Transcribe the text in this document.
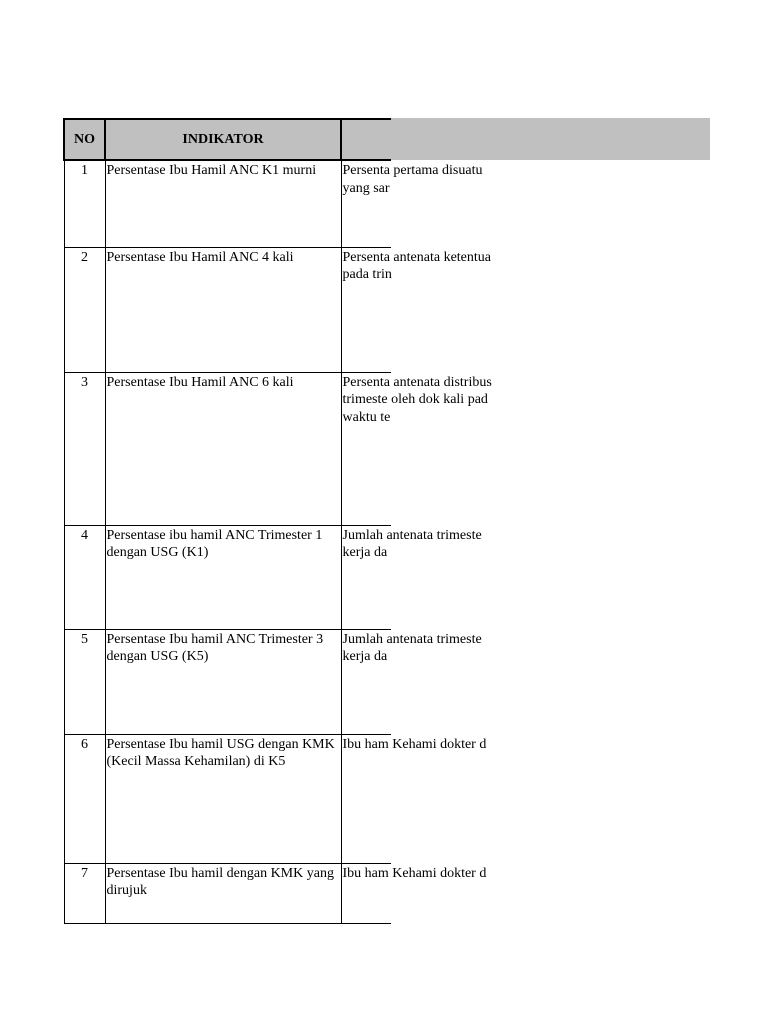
NO	INDIKATOR	
1	Persentase Ibu Hamil ANC K1 murni	Persenta pertama disuatu yang sar

2	Persentase Ibu Hamil ANC 4 kali	Persenta antenata ketentua pada trin

3	Persentase Ibu Hamil ANC 6 kali	Persenta antenata distribus trimeste oleh dok kali pad waktu te

4	Persentase ibu hamil ANC Trimester 1 dengan USG (K1)	Jumlah antenata trimeste kerja da

5	Persentase Ibu hamil ANC Trimester 3 dengan USG (K5)	Jumlah antenata trimeste kerja da

6	Persentase Ibu hamil USG dengan KMK (Kecil Massa Kehamilan) di K5	Ibu ham Kehami dokter d

7	Persentase Ibu hamil dengan KMK yang dirujuk	Ibu ham Kehami dokter d
